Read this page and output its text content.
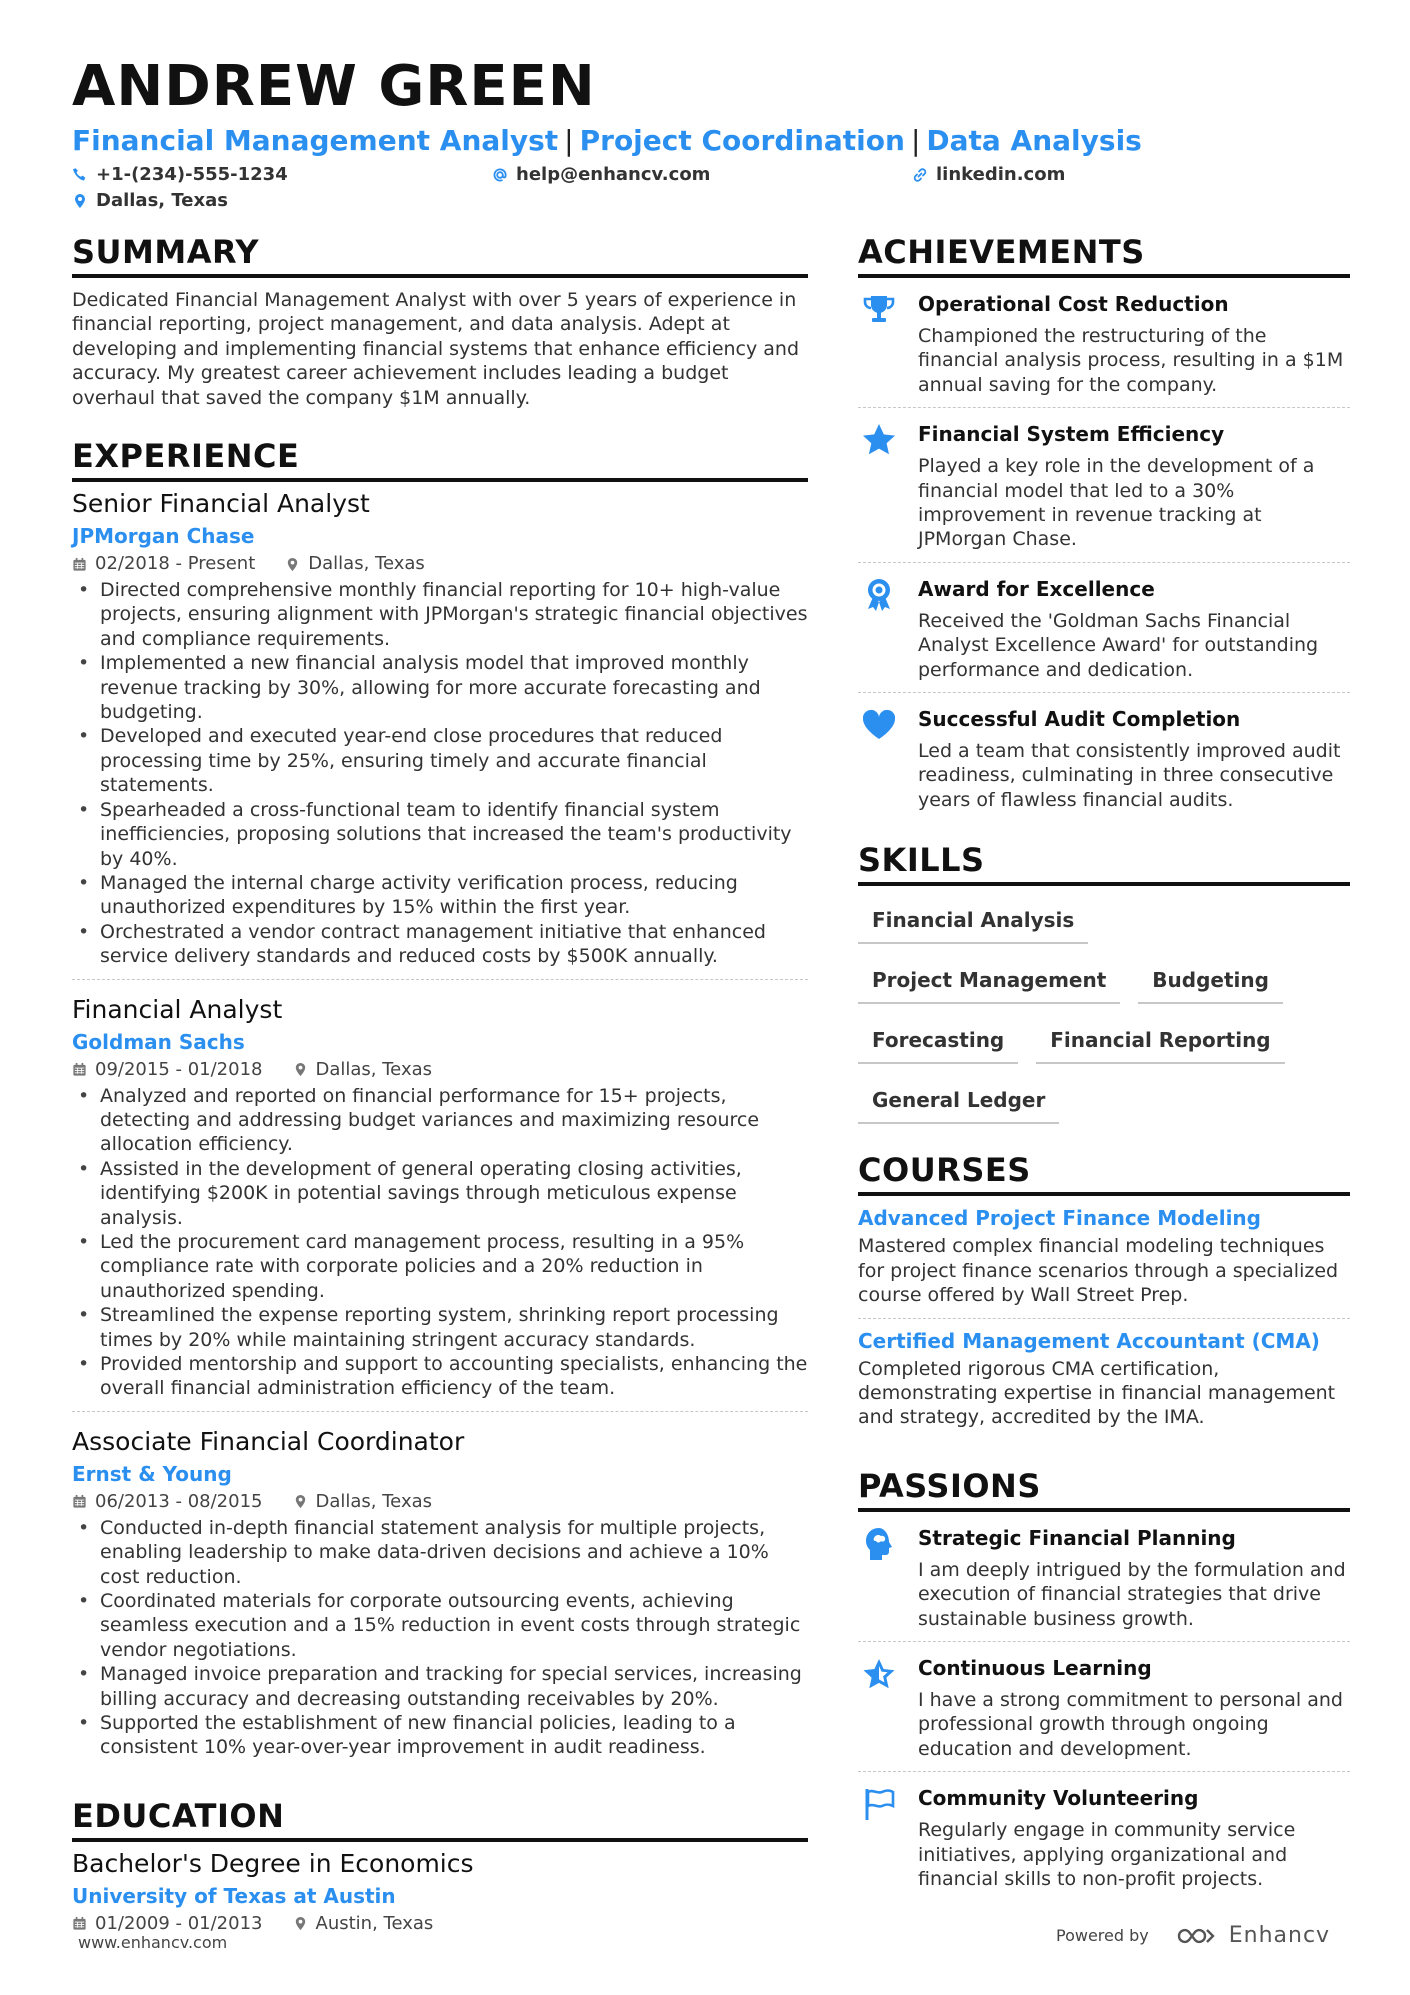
ANDREW GREEN
Financial Management Analyst | Project Coordination | Data Analysis
+1-(234)-555-1234	help@enhancv.com	linkedin.com
Dallas, Texas
SUMMARY
Dedicated Financial Management Analyst with over 5 years of experience in financial reporting, project management, and data analysis. Adept at developing and implementing financial systems that enhance efficiency and accuracy. My greatest career achievement includes leading a budget overhaul that saved the company $1M annually.
EXPERIENCE
Senior Financial Analyst
JPMorgan Chase
02/2018 - Present	Dallas, Texas
• Directed comprehensive monthly financial reporting for 10+ high-value projects, ensuring alignment with JPMorgan's strategic financial objectives and compliance requirements.
• Implemented a new financial analysis model that improved monthly revenue tracking by 30%, allowing for more accurate forecasting and budgeting.
• Developed and executed year-end close procedures that reduced processing time by 25%, ensuring timely and accurate financial statements.
• Spearheaded a cross-functional team to identify financial system inefficiencies, proposing solutions that increased the team's productivity by 40%.
• Managed the internal charge activity verification process, reducing unauthorized expenditures by 15% within the first year.
• Orchestrated a vendor contract management initiative that enhanced service delivery standards and reduced costs by $500K annually.
Financial Analyst
Goldman Sachs
09/2015 - 01/2018	Dallas, Texas
• Analyzed and reported on financial performance for 15+ projects, detecting and addressing budget variances and maximizing resource allocation efficiency.
• Assisted in the development of general operating closing activities, identifying $200K in potential savings through meticulous expense analysis.
• Led the procurement card management process, resulting in a 95% compliance rate with corporate policies and a 20% reduction in unauthorized spending.
• Streamlined the expense reporting system, shrinking report processing times by 20% while maintaining stringent accuracy standards.
• Provided mentorship and support to accounting specialists, enhancing the overall financial administration efficiency of the team.
Associate Financial Coordinator
Ernst & Young
06/2013 - 08/2015	Dallas, Texas
• Conducted in-depth financial statement analysis for multiple projects, enabling leadership to make data-driven decisions and achieve a 10% cost reduction.
• Coordinated materials for corporate outsourcing events, achieving seamless execution and a 15% reduction in event costs through strategic vendor negotiations.
• Managed invoice preparation and tracking for special services, increasing billing accuracy and decreasing outstanding receivables by 20%.
• Supported the establishment of new financial policies, leading to a consistent 10% year-over-year improvement in audit readiness.
EDUCATION
Bachelor's Degree in Economics
University of Texas at Austin
01/2009 - 01/2013	Austin, Texas
ACHIEVEMENTS
Operational Cost Reduction
Championed the restructuring of the financial analysis process, resulting in a $1M annual saving for the company.
Financial System Efficiency
Played a key role in the development of a financial model that led to a 30% improvement in revenue tracking at JPMorgan Chase.
Award for Excellence
Received the 'Goldman Sachs Financial Analyst Excellence Award' for outstanding performance and dedication.
Successful Audit Completion
Led a team that consistently improved audit readiness, culminating in three consecutive years of flawless financial audits.
SKILLS
Financial Analysis
Project Management	Budgeting
Forecasting	Financial Reporting
General Ledger
COURSES
Advanced Project Finance Modeling
Mastered complex financial modeling techniques for project finance scenarios through a specialized course offered by Wall Street Prep.
Certified Management Accountant (CMA)
Completed rigorous CMA certification, demonstrating expertise in financial management and strategy, accredited by the IMA.
PASSIONS
Strategic Financial Planning
I am deeply intrigued by the formulation and execution of financial strategies that drive sustainable business growth.
Continuous Learning
I have a strong commitment to personal and professional growth through ongoing education and development.
Community Volunteering
Regularly engage in community service initiatives, applying organizational and financial skills to non-profit projects.
www.enhancv.com	Powered by	Enhancv
